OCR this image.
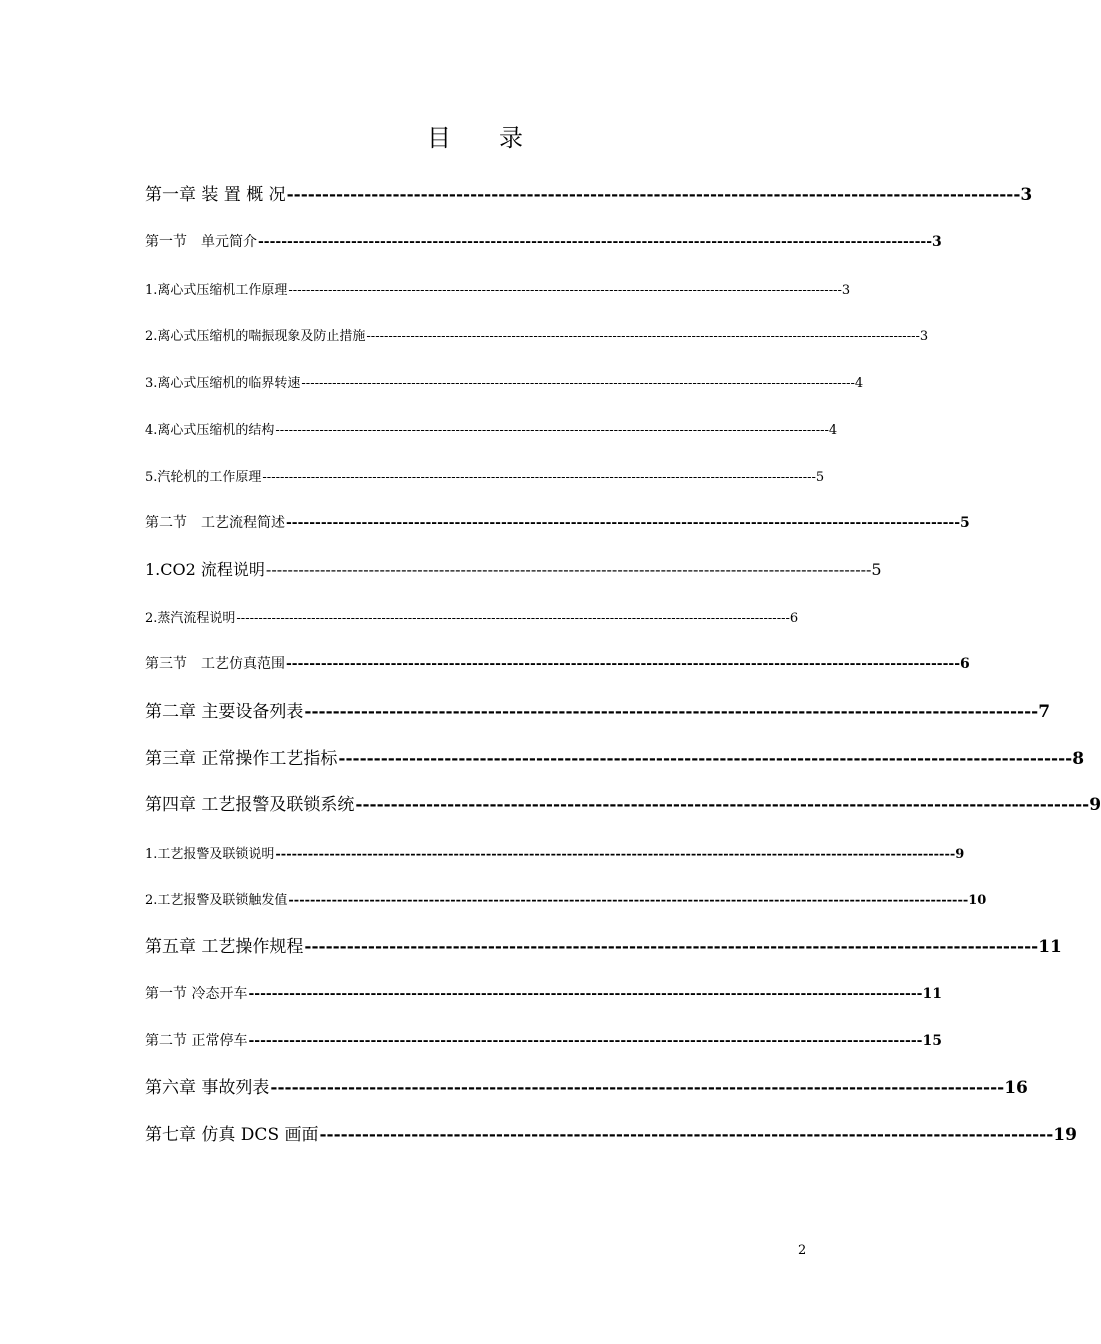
目　　录
第一章 装 置 概 况 -------------------------------------------------------------------------------------------------------- 3
第一节　单元简介 -------------------------------------------------------------------------------------------------------------------- 3
1.离心式压缩机工作原理 ------------------------------------------------------------------------------------------------------------------------------ 3
2.离心式压缩机的喘振现象及防止措施 ------------------------------------------------------------------------------------------------------------------------------ 3
3.离心式压缩机的临界转速 ------------------------------------------------------------------------------------------------------------------------------ 4
4.离心式压缩机的结构 ------------------------------------------------------------------------------------------------------------------------------ 4
5.汽轮机的工作原理 ------------------------------------------------------------------------------------------------------------------------------ 5
第二节　工艺流程简述 -------------------------------------------------------------------------------------------------------------------- 5
1.CO2 流程说明 ---------------------------------------------------------------------------------------------------------------- 5
2.蒸汽流程说明 ------------------------------------------------------------------------------------------------------------------------------ 6
第三节　工艺仿真范围 -------------------------------------------------------------------------------------------------------------------- 6
第二章 主要设备列表 -------------------------------------------------------------------------------------------------------- 7
第三章 正常操作工艺指标 -------------------------------------------------------------------------------------------------------- 8
第四章 工艺报警及联锁系统 -------------------------------------------------------------------------------------------------------- 9
1.工艺报警及联锁说明 ------------------------------------------------------------------------------------------------------------------------------ 9
2.工艺报警及联锁触发值 ------------------------------------------------------------------------------------------------------------------------------ 10
第五章 工艺操作规程 -------------------------------------------------------------------------------------------------------- 11
第一节 冷态开车 -------------------------------------------------------------------------------------------------------------------- 11
第二节 正常停车 -------------------------------------------------------------------------------------------------------------------- 15
第六章 事故列表 -------------------------------------------------------------------------------------------------------- 16
第七章 仿真 DCS 画面 -------------------------------------------------------------------------------------------------------- 19
2
